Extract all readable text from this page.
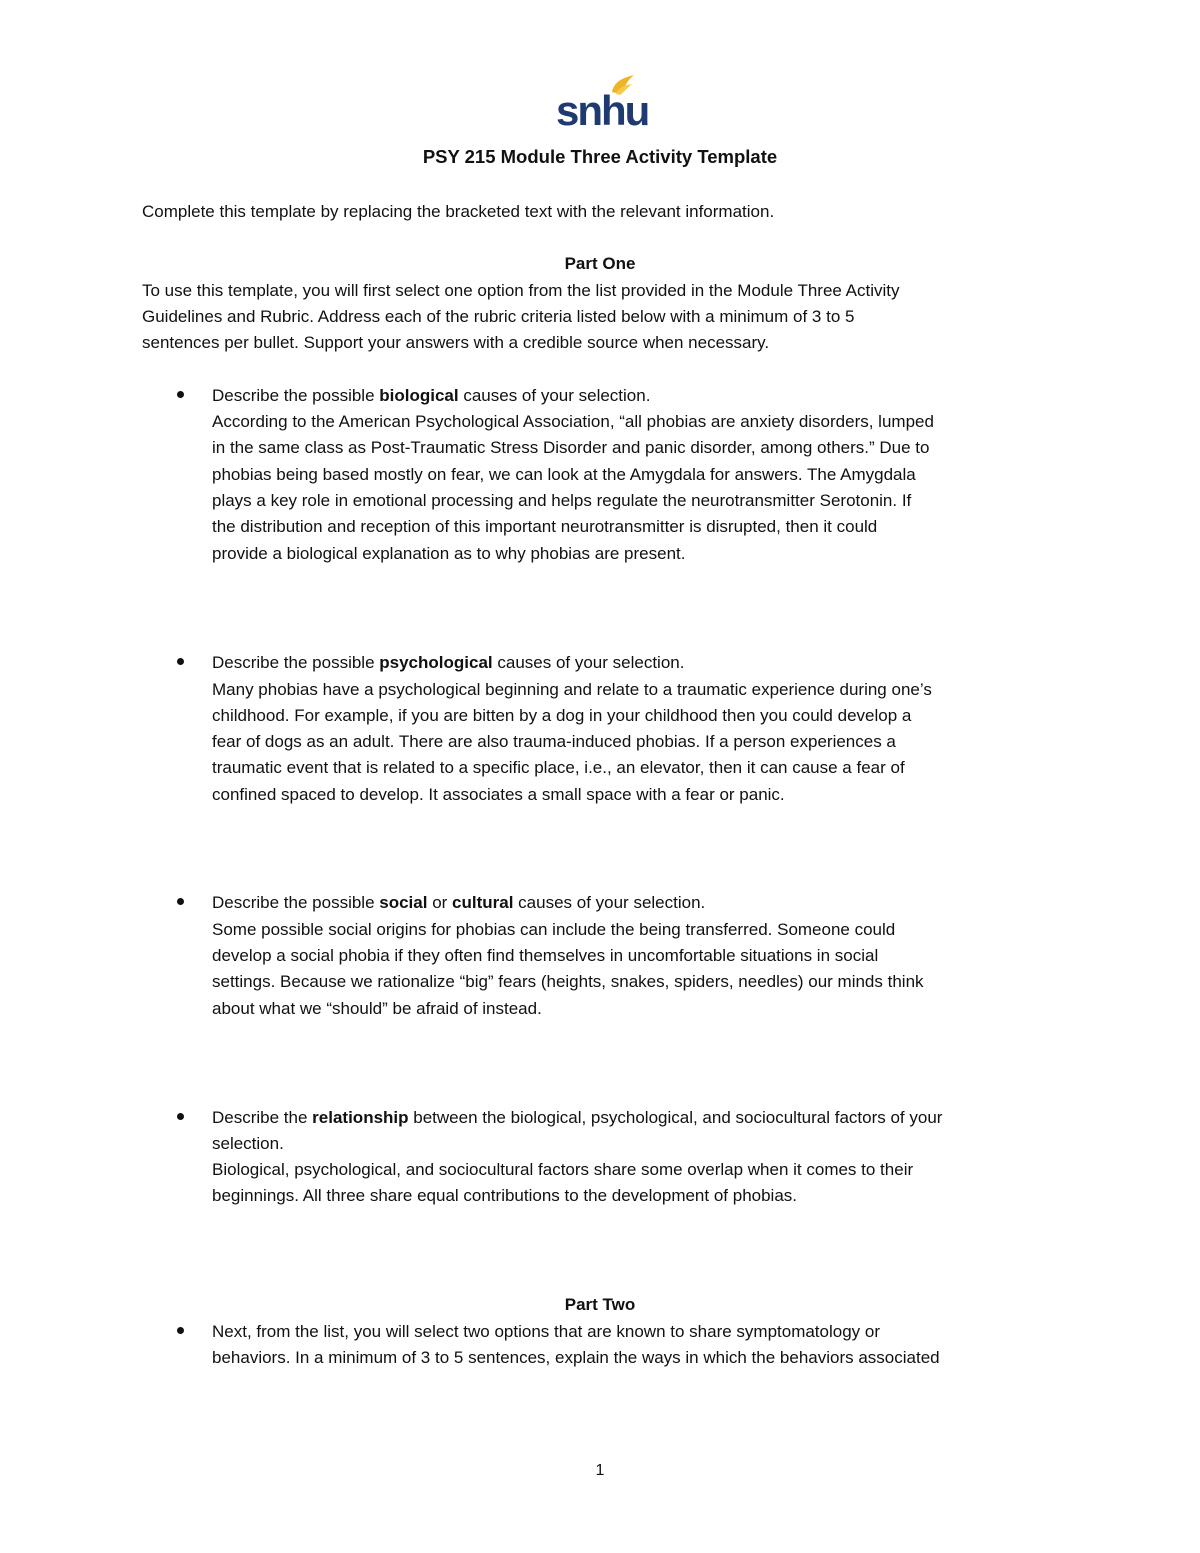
snhu
PSY 215 Module Three Activity Template
Complete this template by replacing the bracketed text with the relevant information.
Part One
To use this template, you will first select one option from the list provided in the Module Three Activity
Guidelines and Rubric. Address each of the rubric criteria listed below with a minimum of 3 to 5
sentences per bullet. Support your answers with a credible source when necessary.
Describe the possible biological causes of your selection.
According to the American Psychological Association, “all phobias are anxiety disorders, lumped
in the same class as Post-Traumatic Stress Disorder and panic disorder, among others.” Due to
phobias being based mostly on fear, we can look at the Amygdala for answers. The Amygdala
plays a key role in emotional processing and helps regulate the neurotransmitter Serotonin. If
the distribution and reception of this important neurotransmitter is disrupted, then it could
provide a biological explanation as to why phobias are present.
Describe the possible psychological causes of your selection.
Many phobias have a psychological beginning and relate to a traumatic experience during one’s
childhood. For example, if you are bitten by a dog in your childhood then you could develop a
fear of dogs as an adult. There are also trauma-induced phobias. If a person experiences a
traumatic event that is related to a specific place, i.e., an elevator, then it can cause a fear of
confined spaced to develop. It associates a small space with a fear or panic.
Describe the possible social or cultural causes of your selection.
Some possible social origins for phobias can include the being transferred. Someone could
develop a social phobia if they often find themselves in uncomfortable situations in social
settings. Because we rationalize “big” fears (heights, snakes, spiders, needles) our minds think
about what we “should” be afraid of instead.
Describe the relationship between the biological, psychological, and sociocultural factors of your
selection.
Biological, psychological, and sociocultural factors share some overlap when it comes to their
beginnings. All three share equal contributions to the development of phobias.
Part Two
Next, from the list, you will select two options that are known to share symptomatology or
behaviors. In a minimum of 3 to 5 sentences, explain the ways in which the behaviors associated
1
